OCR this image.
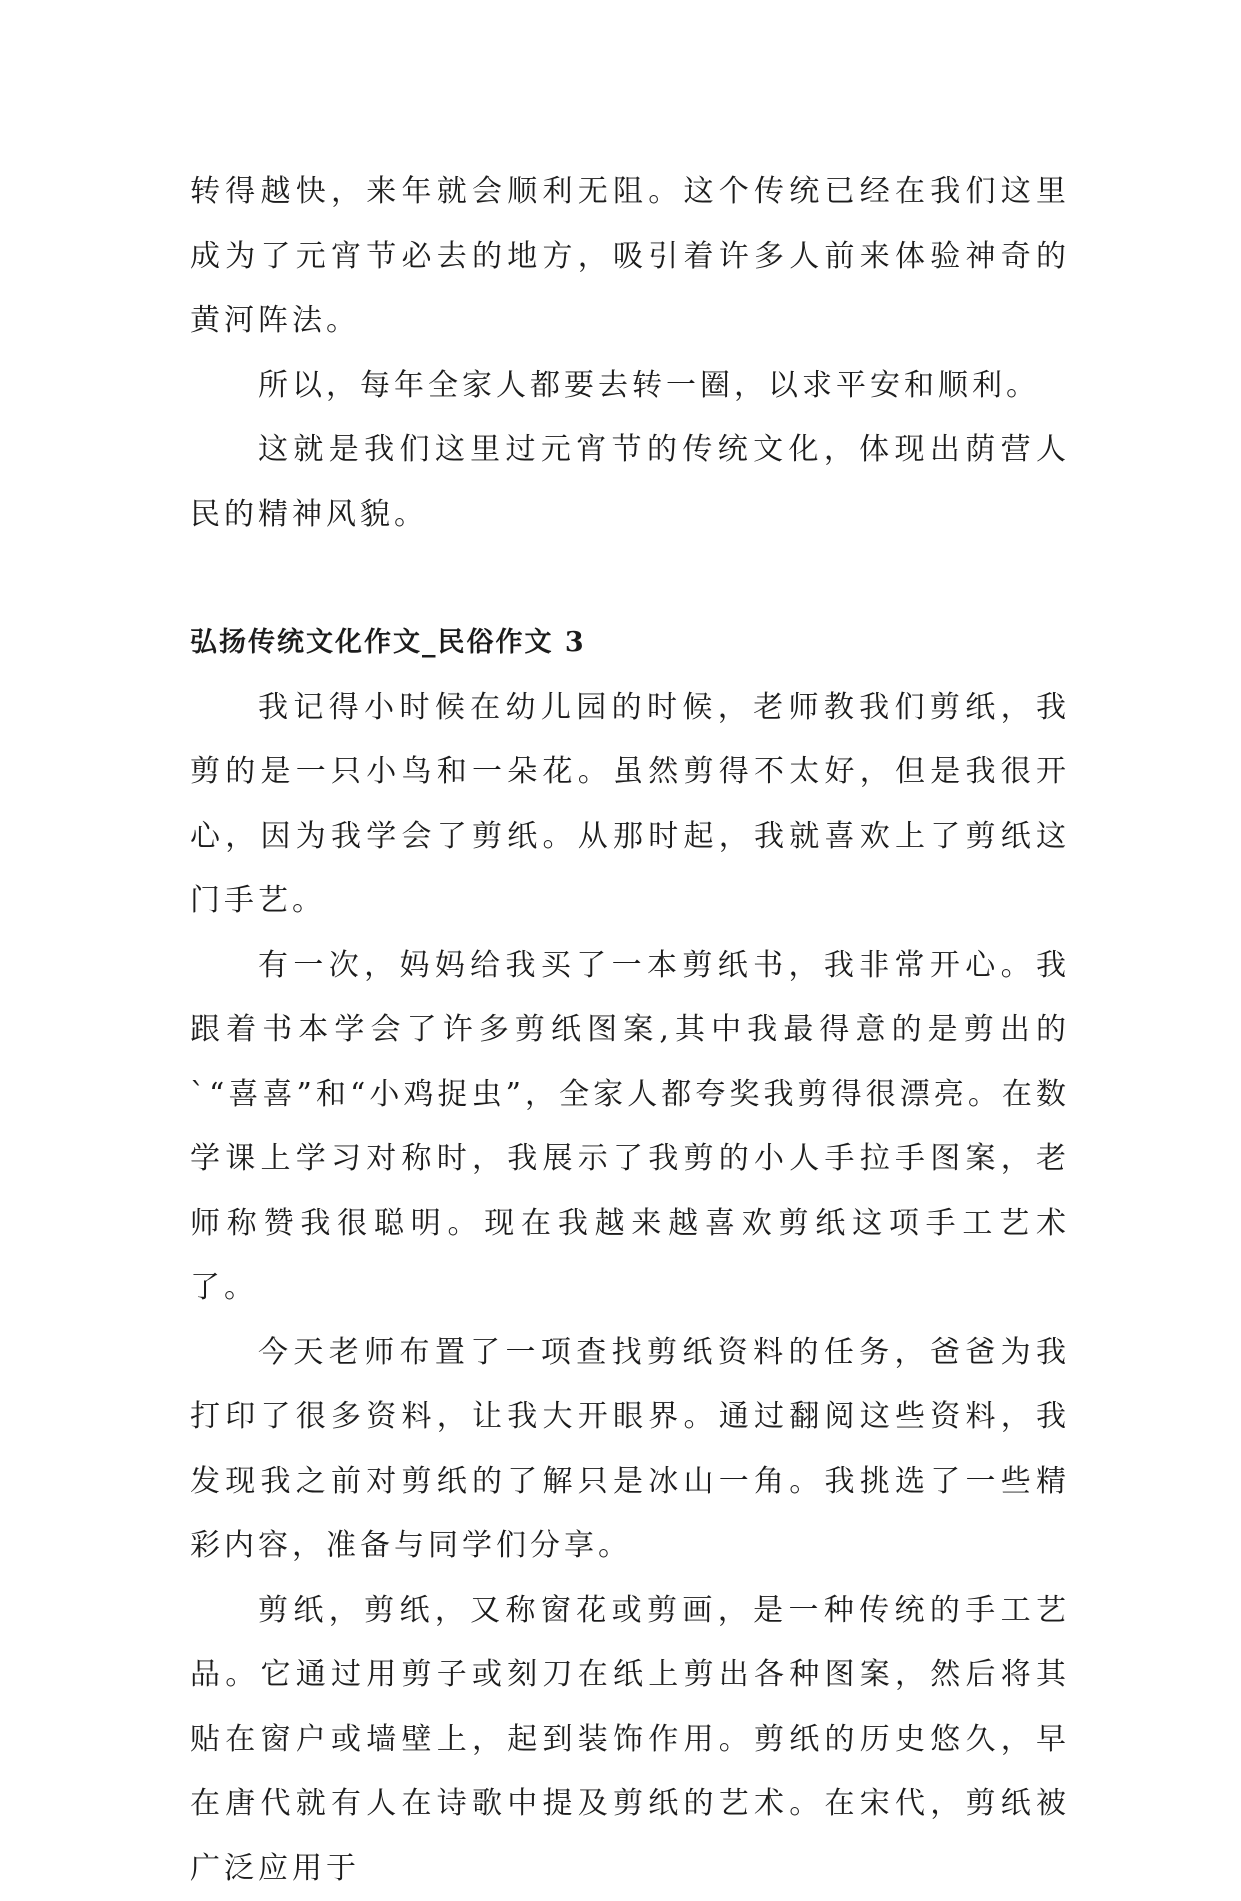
转得越快，来年就会顺利无阻。这个传统已经在我们这里成为了元宵节必去的地方，吸引着许多人前来体验神奇的黄河阵法。

所以，每年全家人都要去转一圈，以求平安和顺利。

这就是我们这里过元宵节的传统文化，体现出荫营人民的精神风貌。

弘扬传统文化作文_民俗作文 3

我记得小时候在幼儿园的时候，老师教我们剪纸，我剪的是一只小鸟和一朵花。虽然剪得不太好，但是我很开心，因为我学会了剪纸。从那时起，我就喜欢上了剪纸这门手艺。

有一次，妈妈给我买了一本剪纸书，我非常开心。我跟着书本学会了许多剪纸图案,其中我最得意的是剪出的`“喜喜”和“小鸡捉虫”，全家人都夸奖我剪得很漂亮。在数学课上学习对称时，我展示了我剪的小人手拉手图案，老师称赞我很聪明。现在我越来越喜欢剪纸这项手工艺术了。

今天老师布置了一项查找剪纸资料的任务，爸爸为我打印了很多资料，让我大开眼界。通过翻阅这些资料，我发现我之前对剪纸的了解只是冰山一角。我挑选了一些精彩内容，准备与同学们分享。

剪纸，剪纸，又称窗花或剪画，是一种传统的手工艺品。它通过用剪子或刻刀在纸上剪出各种图案，然后将其贴在窗户或墙壁上，起到装饰作用。剪纸的历史悠久，早在唐代就有人在诗歌中提及剪纸的艺术。在宋代，剪纸被广泛应用于
